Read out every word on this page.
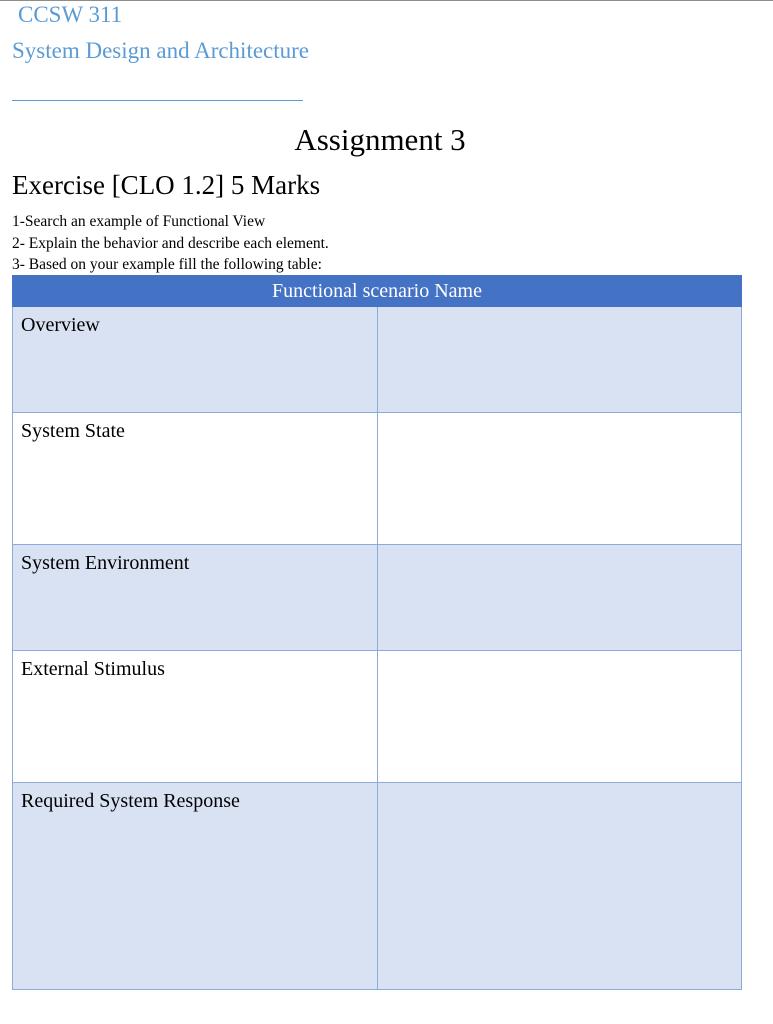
CCSW 311
System Design and Architecture
Assignment 3
Exercise [CLO 1.2] 5 Marks
1-Search an example of Functional View
2- Explain the behavior and describe each element.
3- Based on your example fill the following table:
Functional scenario Name	
Overview	
System State	
System Environment	
External Stimulus	
Required System Response	
